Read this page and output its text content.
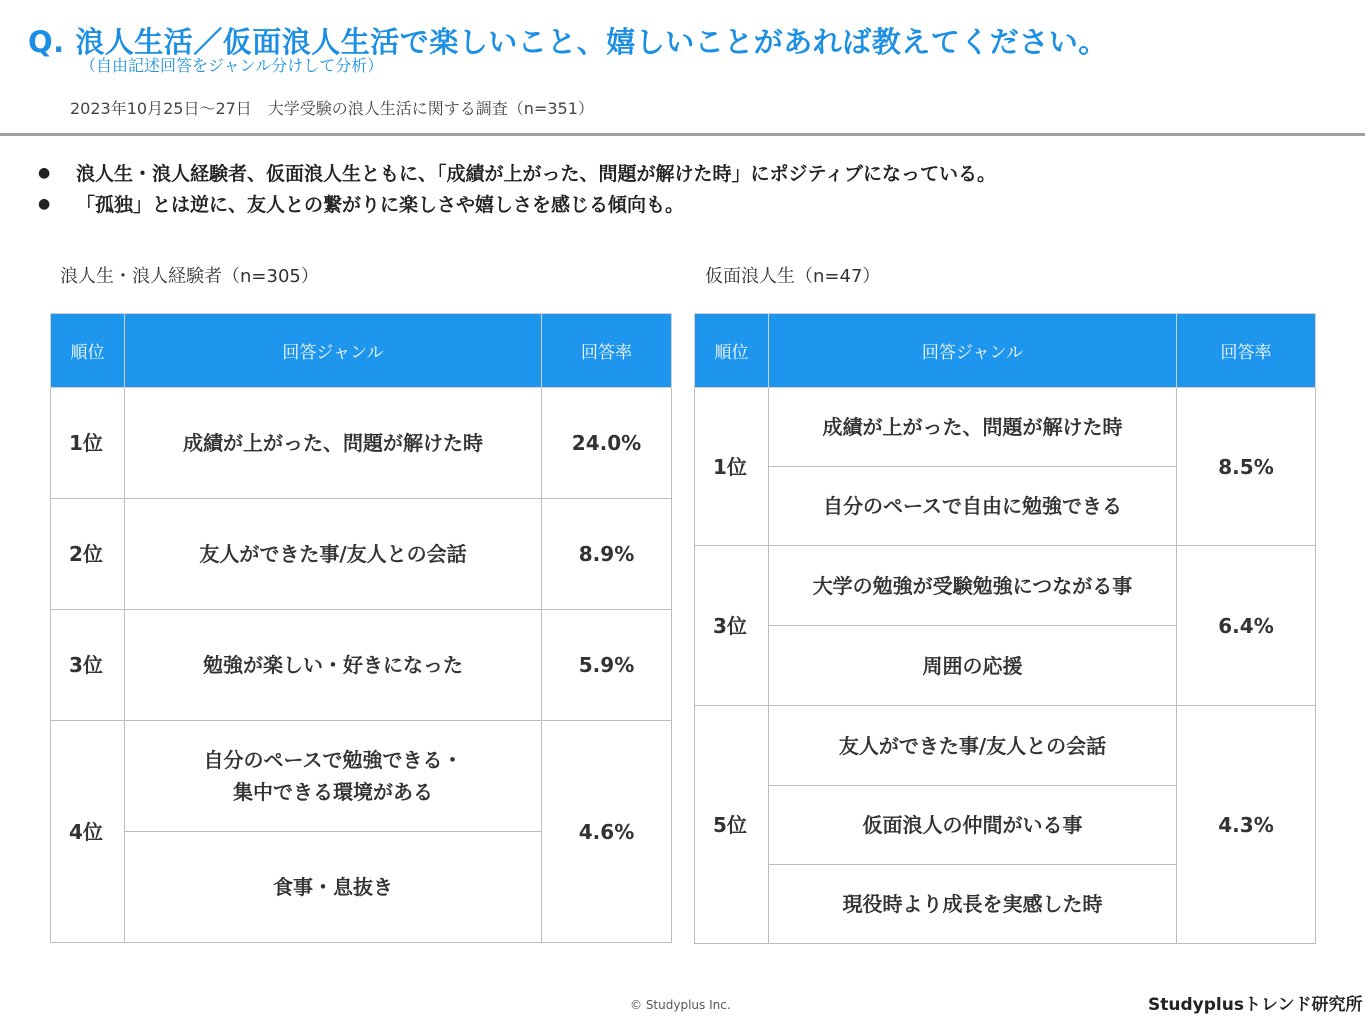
Q. 浪人生活／仮面浪人生活で楽しいこと、嬉しいことがあれば教えてください。
（自由記述回答をジャンル分けして分析）
2023年10月25日〜27日　大学受験の浪人生活に関する調査（n=351）
●	浪人生・浪人経験者、仮面浪人生ともに、「成績が上がった、問題が解けた時」にポジティブになっている。
●	「孤独」とは逆に、友人との繋がりに楽しさや嬉しさを感じる傾向も。
浪人生・浪人経験者（n=305）	仮面浪人生（n=47）
順位	回答ジャンル	回答率
1位	成績が上がった、問題が解けた時	24.0%
2位	友人ができた事/友人との会話	8.9%
3位	勉強が楽しい・好きになった	5.9%
4位	自分のペースで勉強できる・
集中できる環境がある	4.6%
	食事・息抜き	
順位	回答ジャンル	回答率
1位	成績が上がった、問題が解けた時	8.5%
	自分のペースで自由に勉強できる	
3位	大学の勉強が受験勉強につながる事	6.4%
	周囲の応援	
5位	友人ができた事/友人との会話	4.3%
	仮面浪人の仲間がいる事	
	現役時より成長を実感した時	
© Studyplus Inc.	Studyplusトレンド研究所
